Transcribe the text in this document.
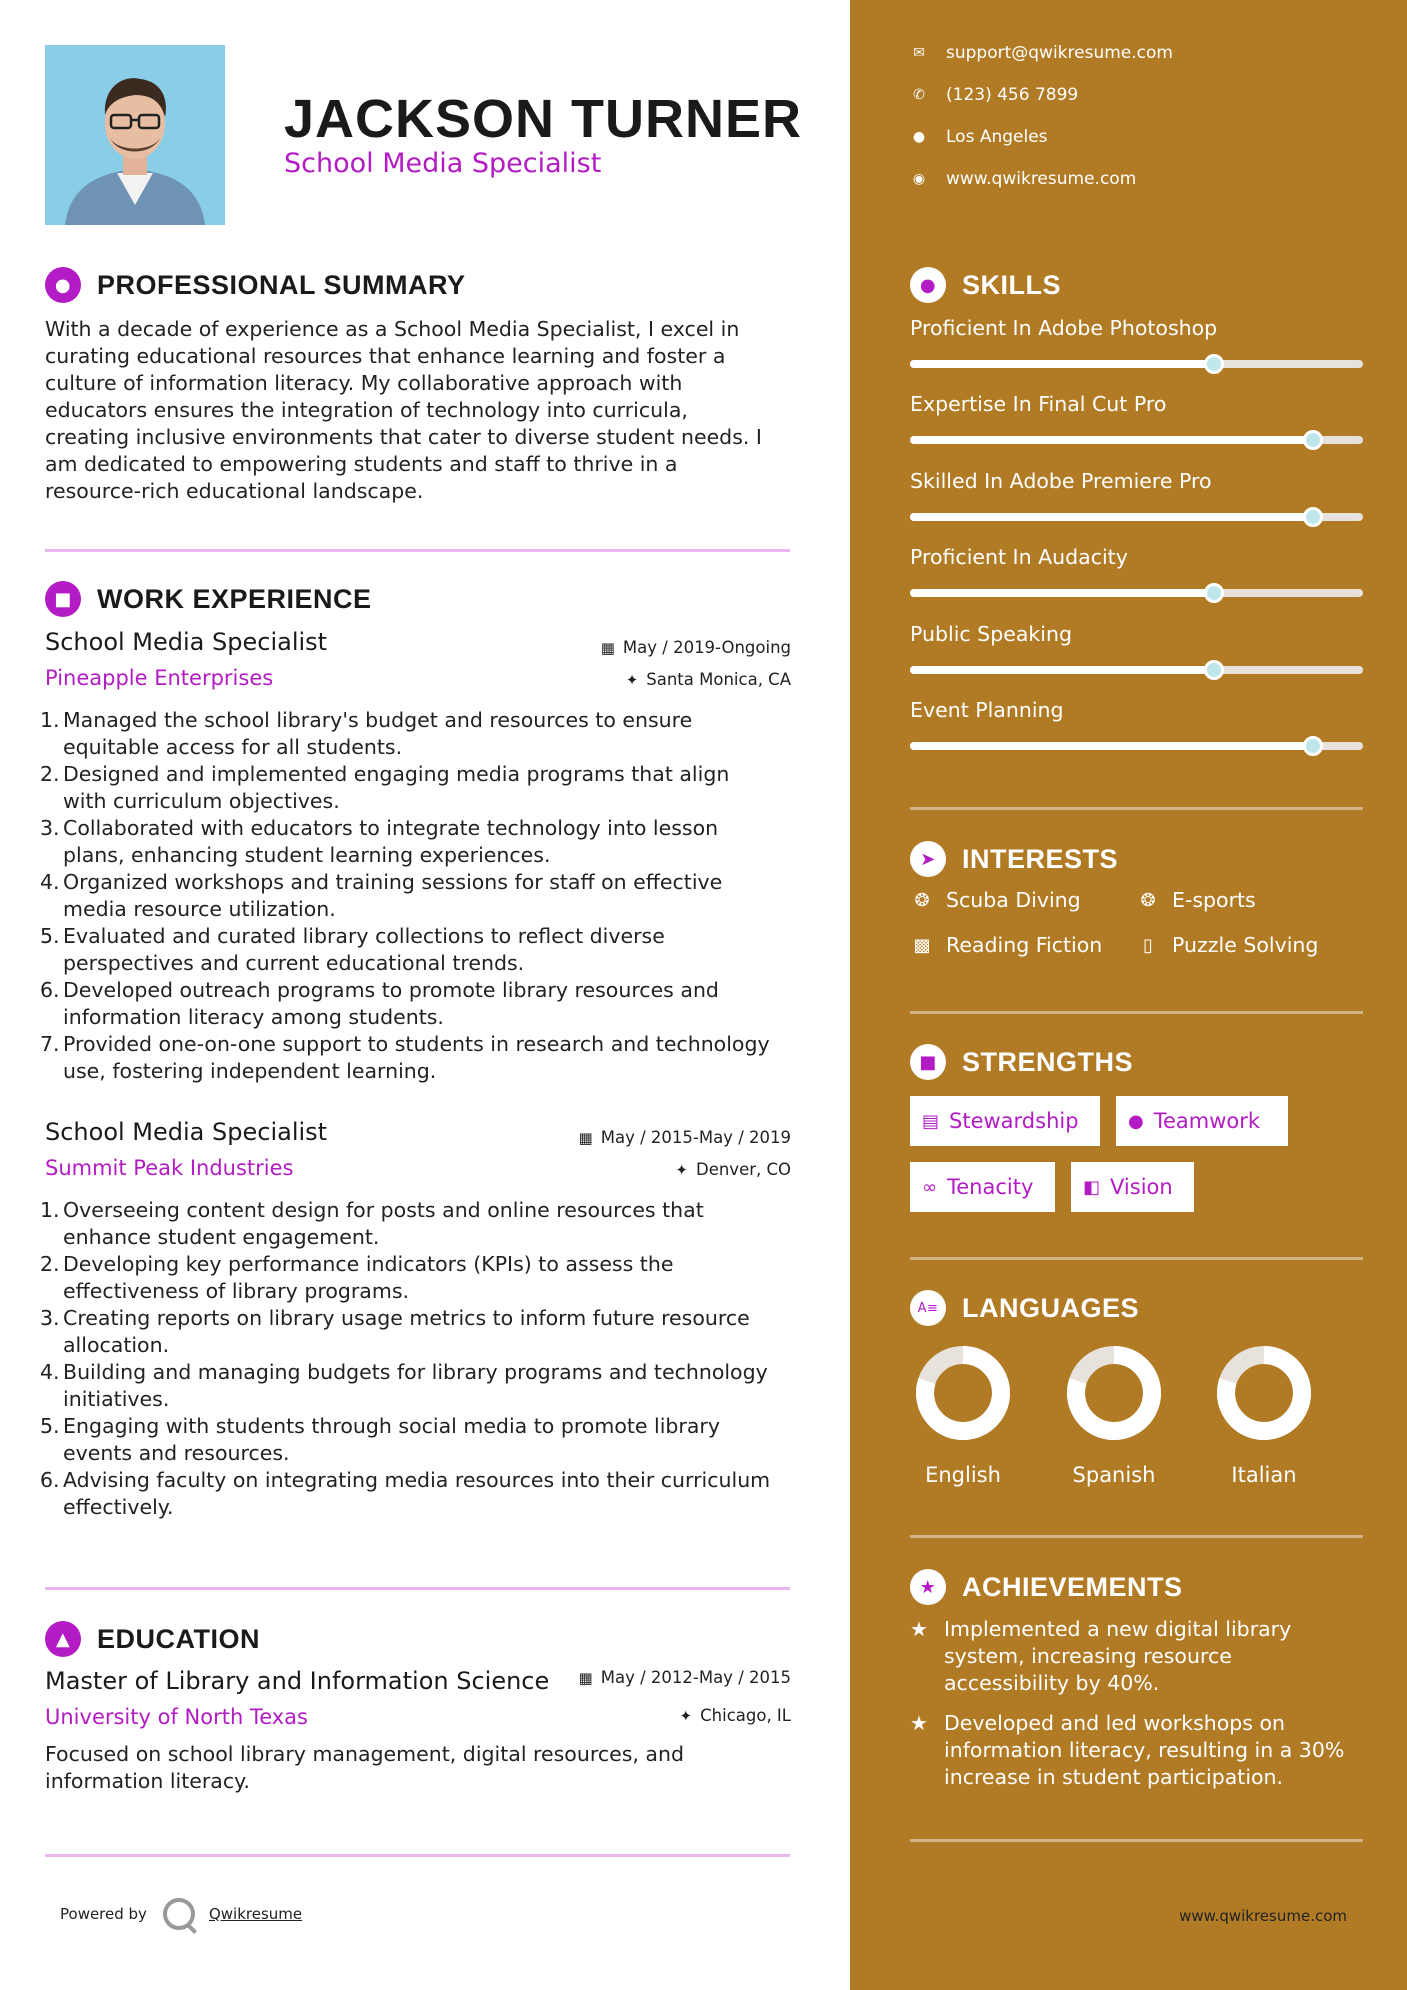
JACKSON TURNER
School Media Specialist
● PROFESSIONAL SUMMARY
With a decade of experience as a School Media Specialist, I excel in
curating educational resources that enhance learning and foster a
culture of information literacy. My collaborative approach with
educators ensures the integration of technology into curricula,
creating inclusive environments that cater to diverse student needs. I
am dedicated to empowering students and staff to thrive in a
resource-rich educational landscape.
■ WORK EXPERIENCE
School Media Specialist
Pineapple Enterprises
▦ May / 2019-Ongoing
✦ Santa Monica, CA
1. Managed the school library's budget and resources to ensure
equitable access for all students.
2. Designed and implemented engaging media programs that align
with curriculum objectives.
3. Collaborated with educators to integrate technology into lesson
plans, enhancing student learning experiences.
4. Organized workshops and training sessions for staff on effective
media resource utilization.
5. Evaluated and curated library collections to reflect diverse
perspectives and current educational trends.
6. Developed outreach programs to promote library resources and
information literacy among students.
7. Provided one-on-one support to students in research and technology
use, fostering independent learning.
School Media Specialist
Summit Peak Industries
▦ May / 2015-May / 2019
✦ Denver, CO
1. Overseeing content design for posts and online resources that
enhance student engagement.
2. Developing key performance indicators (KPIs) to assess the
effectiveness of library programs.
3. Creating reports on library usage metrics to inform future resource
allocation.
4. Building and managing budgets for library programs and technology
initiatives.
5. Engaging with students through social media to promote library
events and resources.
6. Advising faculty on integrating media resources into their curriculum
effectively.
▲ EDUCATION
Master of Library and Information Science
University of North Texas
▦ May / 2012-May / 2015
✦ Chicago, IL
Focused on school library management, digital resources, and
information literacy.
Powered by	Qwikresume
✉ support@qwikresume.com
✆ (123) 456 7899
● Los Angeles
◉ www.qwikresume.com
● SKILLS
Proficient In Adobe Photoshop
Expertise In Final Cut Pro
Skilled In Adobe Premiere Pro
Proficient In Audacity
Public Speaking
Event Planning
➤ INTERESTS
❂ Scuba Diving	❂ E-sports
▩ Reading Fiction	▯ Puzzle Solving
■ STRENGTHS
▤ Stewardship	● Teamwork
∞ Tenacity	◧ Vision
A≡ LANGUAGES
English	Spanish	Italian
★ ACHIEVEMENTS
★ Implemented a new digital library
system, increasing resource
accessibility by 40%.
★ Developed and led workshops on
information literacy, resulting in a 30%
increase in student participation.
www.qwikresume.com
